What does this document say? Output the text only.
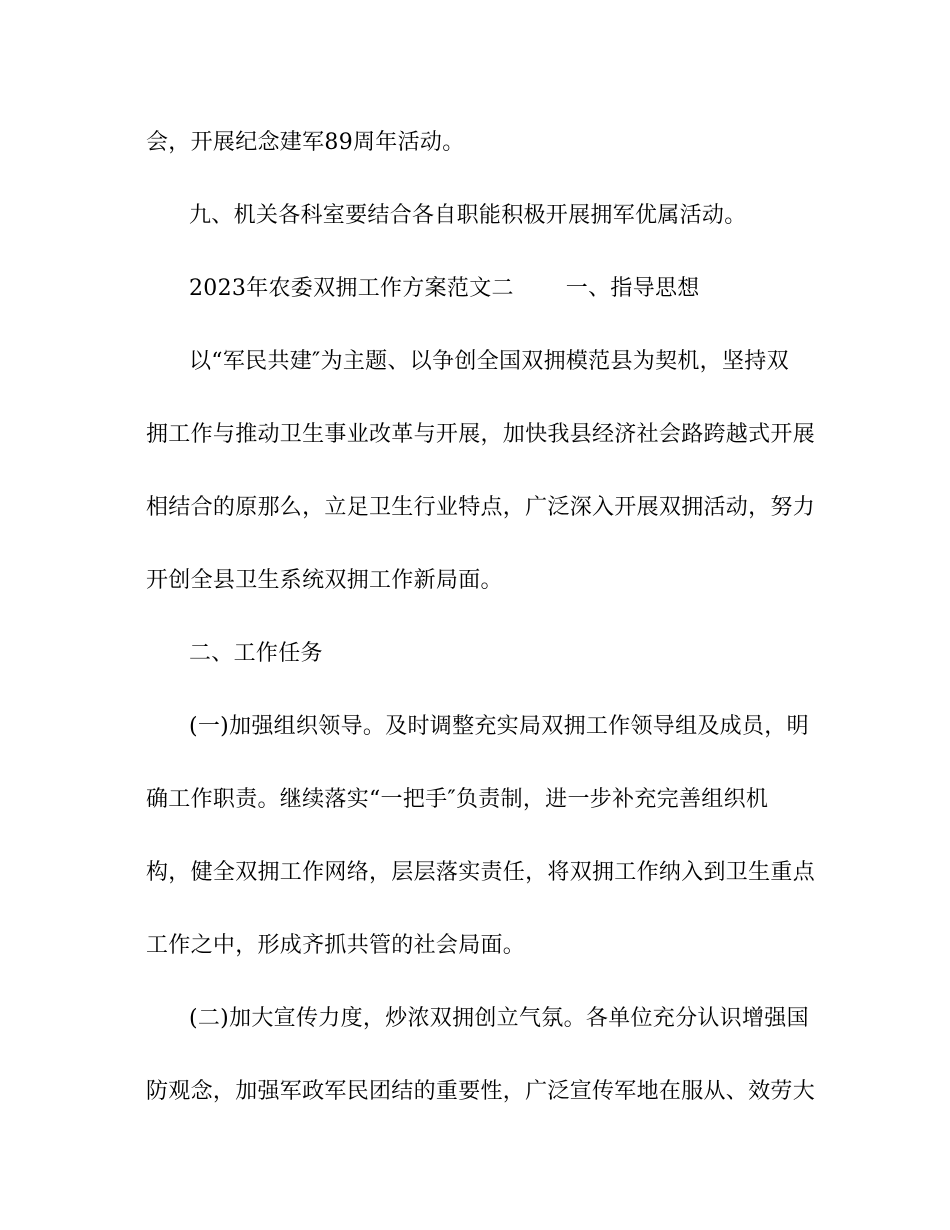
会，开展纪念建军89周年活动。
九、机关各科室要结合各自职能积极开展拥军优属活动。
2023年农委双拥工作方案范文二 一、指导思想
以“军民共建″为主题、以争创全国双拥模范县为契机，坚持双
拥工作与推动卫生事业改革与开展，加快我县经济社会路跨越式开展
相结合的原那么，立足卫生行业特点，广泛深入开展双拥活动，努力
开创全县卫生系统双拥工作新局面。
二、工作任务
(一)加强组织领导。及时调整充实局双拥工作领导组及成员，明
确工作职责。继续落实“一把手″负责制，进一步补充完善组织机
构，健全双拥工作网络，层层落实责任，将双拥工作纳入到卫生重点
工作之中，形成齐抓共管的社会局面。
(二)加大宣传力度，炒浓双拥创立气氛。各单位充分认识增强国
防观念，加强军政军民团结的重要性，广泛宣传军地在服从、效劳大
